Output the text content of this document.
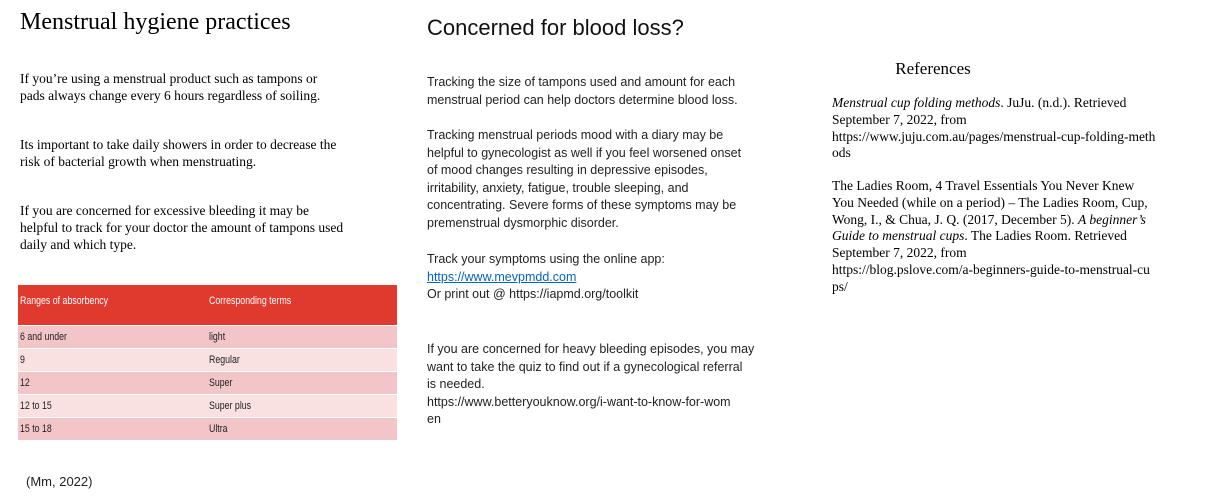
Menstrual hygiene practices
If you’re using a menstrual product such as tampons or
pads always change every 6 hours regardless of soiling.
Its important to take daily showers in order to decrease the
risk of bacterial growth when menstruating.
If you are concerned for excessive bleeding it may be
helpful to track for your doctor the amount of tampons used
daily and which type.
Ranges of absorbency	Corresponding terms
6 and under	light
9	Regular
12	Super
12 to 15	Super plus
15 to 18	Ultra
(Mm, 2022)
Concerned for blood loss?
Tracking the size of tampons used and amount for each
menstrual period can help doctors determine blood loss.
Tracking menstrual periods mood with a diary may be
helpful to gynecologist as well if you feel worsened onset
of mood changes resulting in depressive episodes,
irritability, anxiety, fatigue, trouble sleeping, and
concentrating. Severe forms of these symptoms may be
premenstrual dysmorphic disorder.
Track your symptoms using the online app:
https://www.mevpmdd.com
Or print out @ https://iapmd.org/toolkit
If you are concerned for heavy bleeding episodes, you may
want to take the quiz to find out if a gynecological referral
is needed.
https://www.betteryouknow.org/i-want-to-know-for-wom
en
References
Menstrual cup folding methods. JuJu. (n.d.). Retrieved
September 7, 2022, from
https://www.juju.com.au/pages/menstrual-cup-folding-meth
ods
The Ladies Room, 4 Travel Essentials You Never Knew
You Needed (while on a period) – The Ladies Room, Cup,
Wong, I., & Chua, J. Q. (2017, December 5). A beginner’s
Guide to menstrual cups. The Ladies Room. Retrieved
September 7, 2022, from
https://blog.pslove.com/a-beginners-guide-to-menstrual-cu
ps/
